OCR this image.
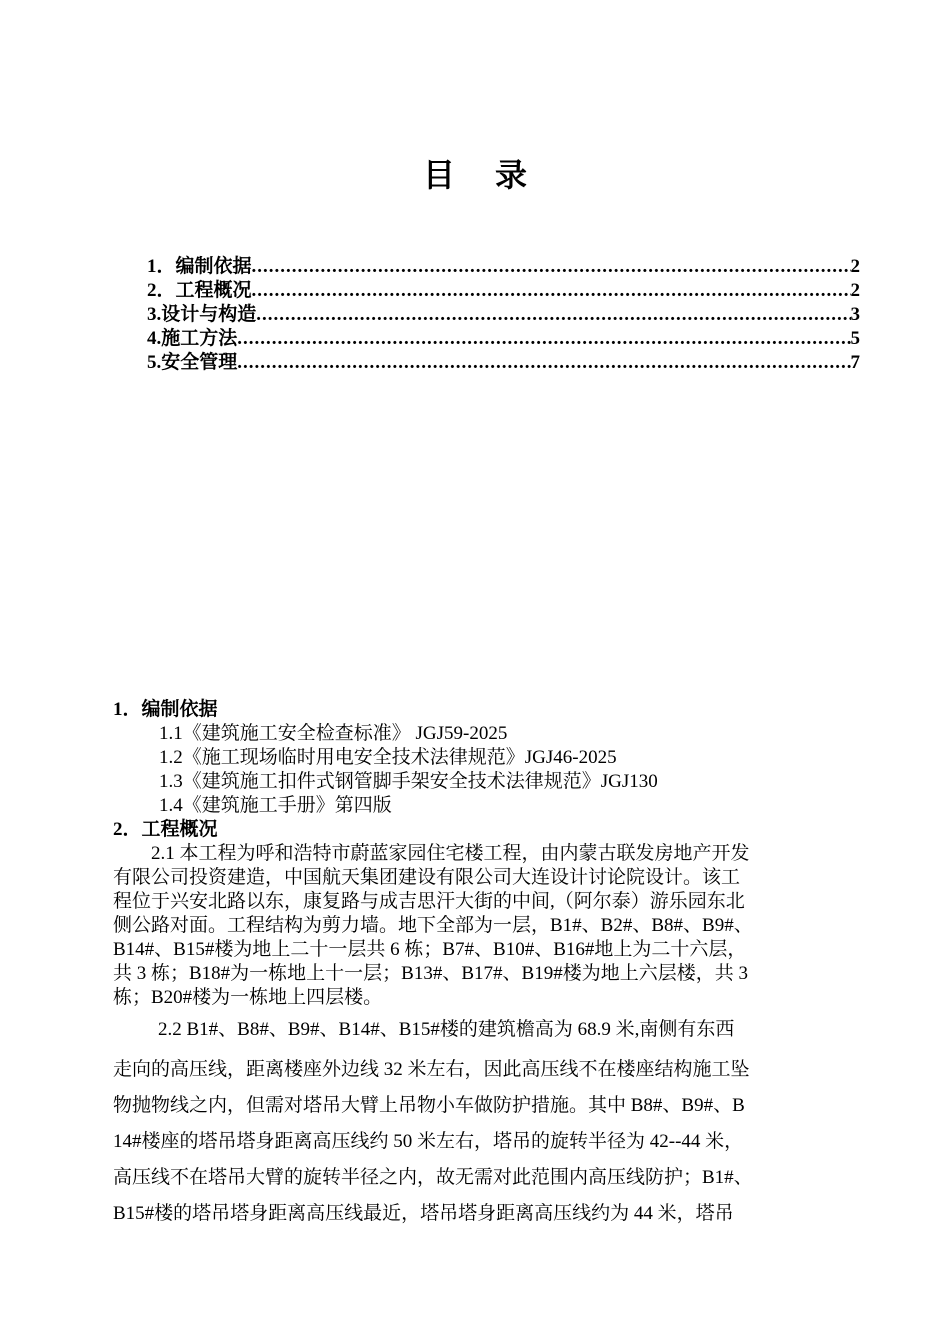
目 录
1．编制依据 .....	2
2．工程概况 .....	2
3.设计与构造 .....	3
4.施工方法 .....	5
5.安全管理 .....	7
1．编制依据
1.1《建筑施工安全检查标准》 JGJ59-2025
1.2《施工现场临时用电安全技术法律规范》JGJ46-2025
1.3《建筑施工扣件式钢管脚手架安全技术法律规范》JGJ130
1.4《建筑施工手册》第四版
2．工程概况
2.1 本工程为呼和浩特市蔚蓝家园住宅楼工程，由内蒙古联发房地产开发
有限公司投资建造，中国航天集团建设有限公司大连设计讨论院设计。该工
程位于兴安北路以东，康复路与成吉思汗大街的中间,（阿尔泰）游乐园东北
侧公路对面。工程结构为剪力墙。地下全部为一层，B1#、B2#、B8#、B9#、
B14#、B15#楼为地上二十一层共 6 栋；B7#、B10#、B16#地上为二十六层，
共 3 栋；B18#为一栋地上十一层；B13#、B17#、B19#楼为地上六层楼，共 3
栋；B20#楼为一栋地上四层楼。
2.2 B1#、B8#、B9#、B14#、B15#楼的建筑檐高为 68.9 米,南侧有东西
走向的高压线，距离楼座外边线 32 米左右，因此高压线不在楼座结构施工坠
物抛物线之内，但需对塔吊大臂上吊物小车做防护措施。其中 B8#、B9#、B
14#楼座的塔吊塔身距离高压线约 50 米左右，塔吊的旋转半径为 42--44 米，
高压线不在塔吊大臂的旋转半径之内，故无需对此范围内高压线防护；B1#、
B15#楼的塔吊塔身距离高压线最近，塔吊塔身距离高压线约为 44 米，塔吊
